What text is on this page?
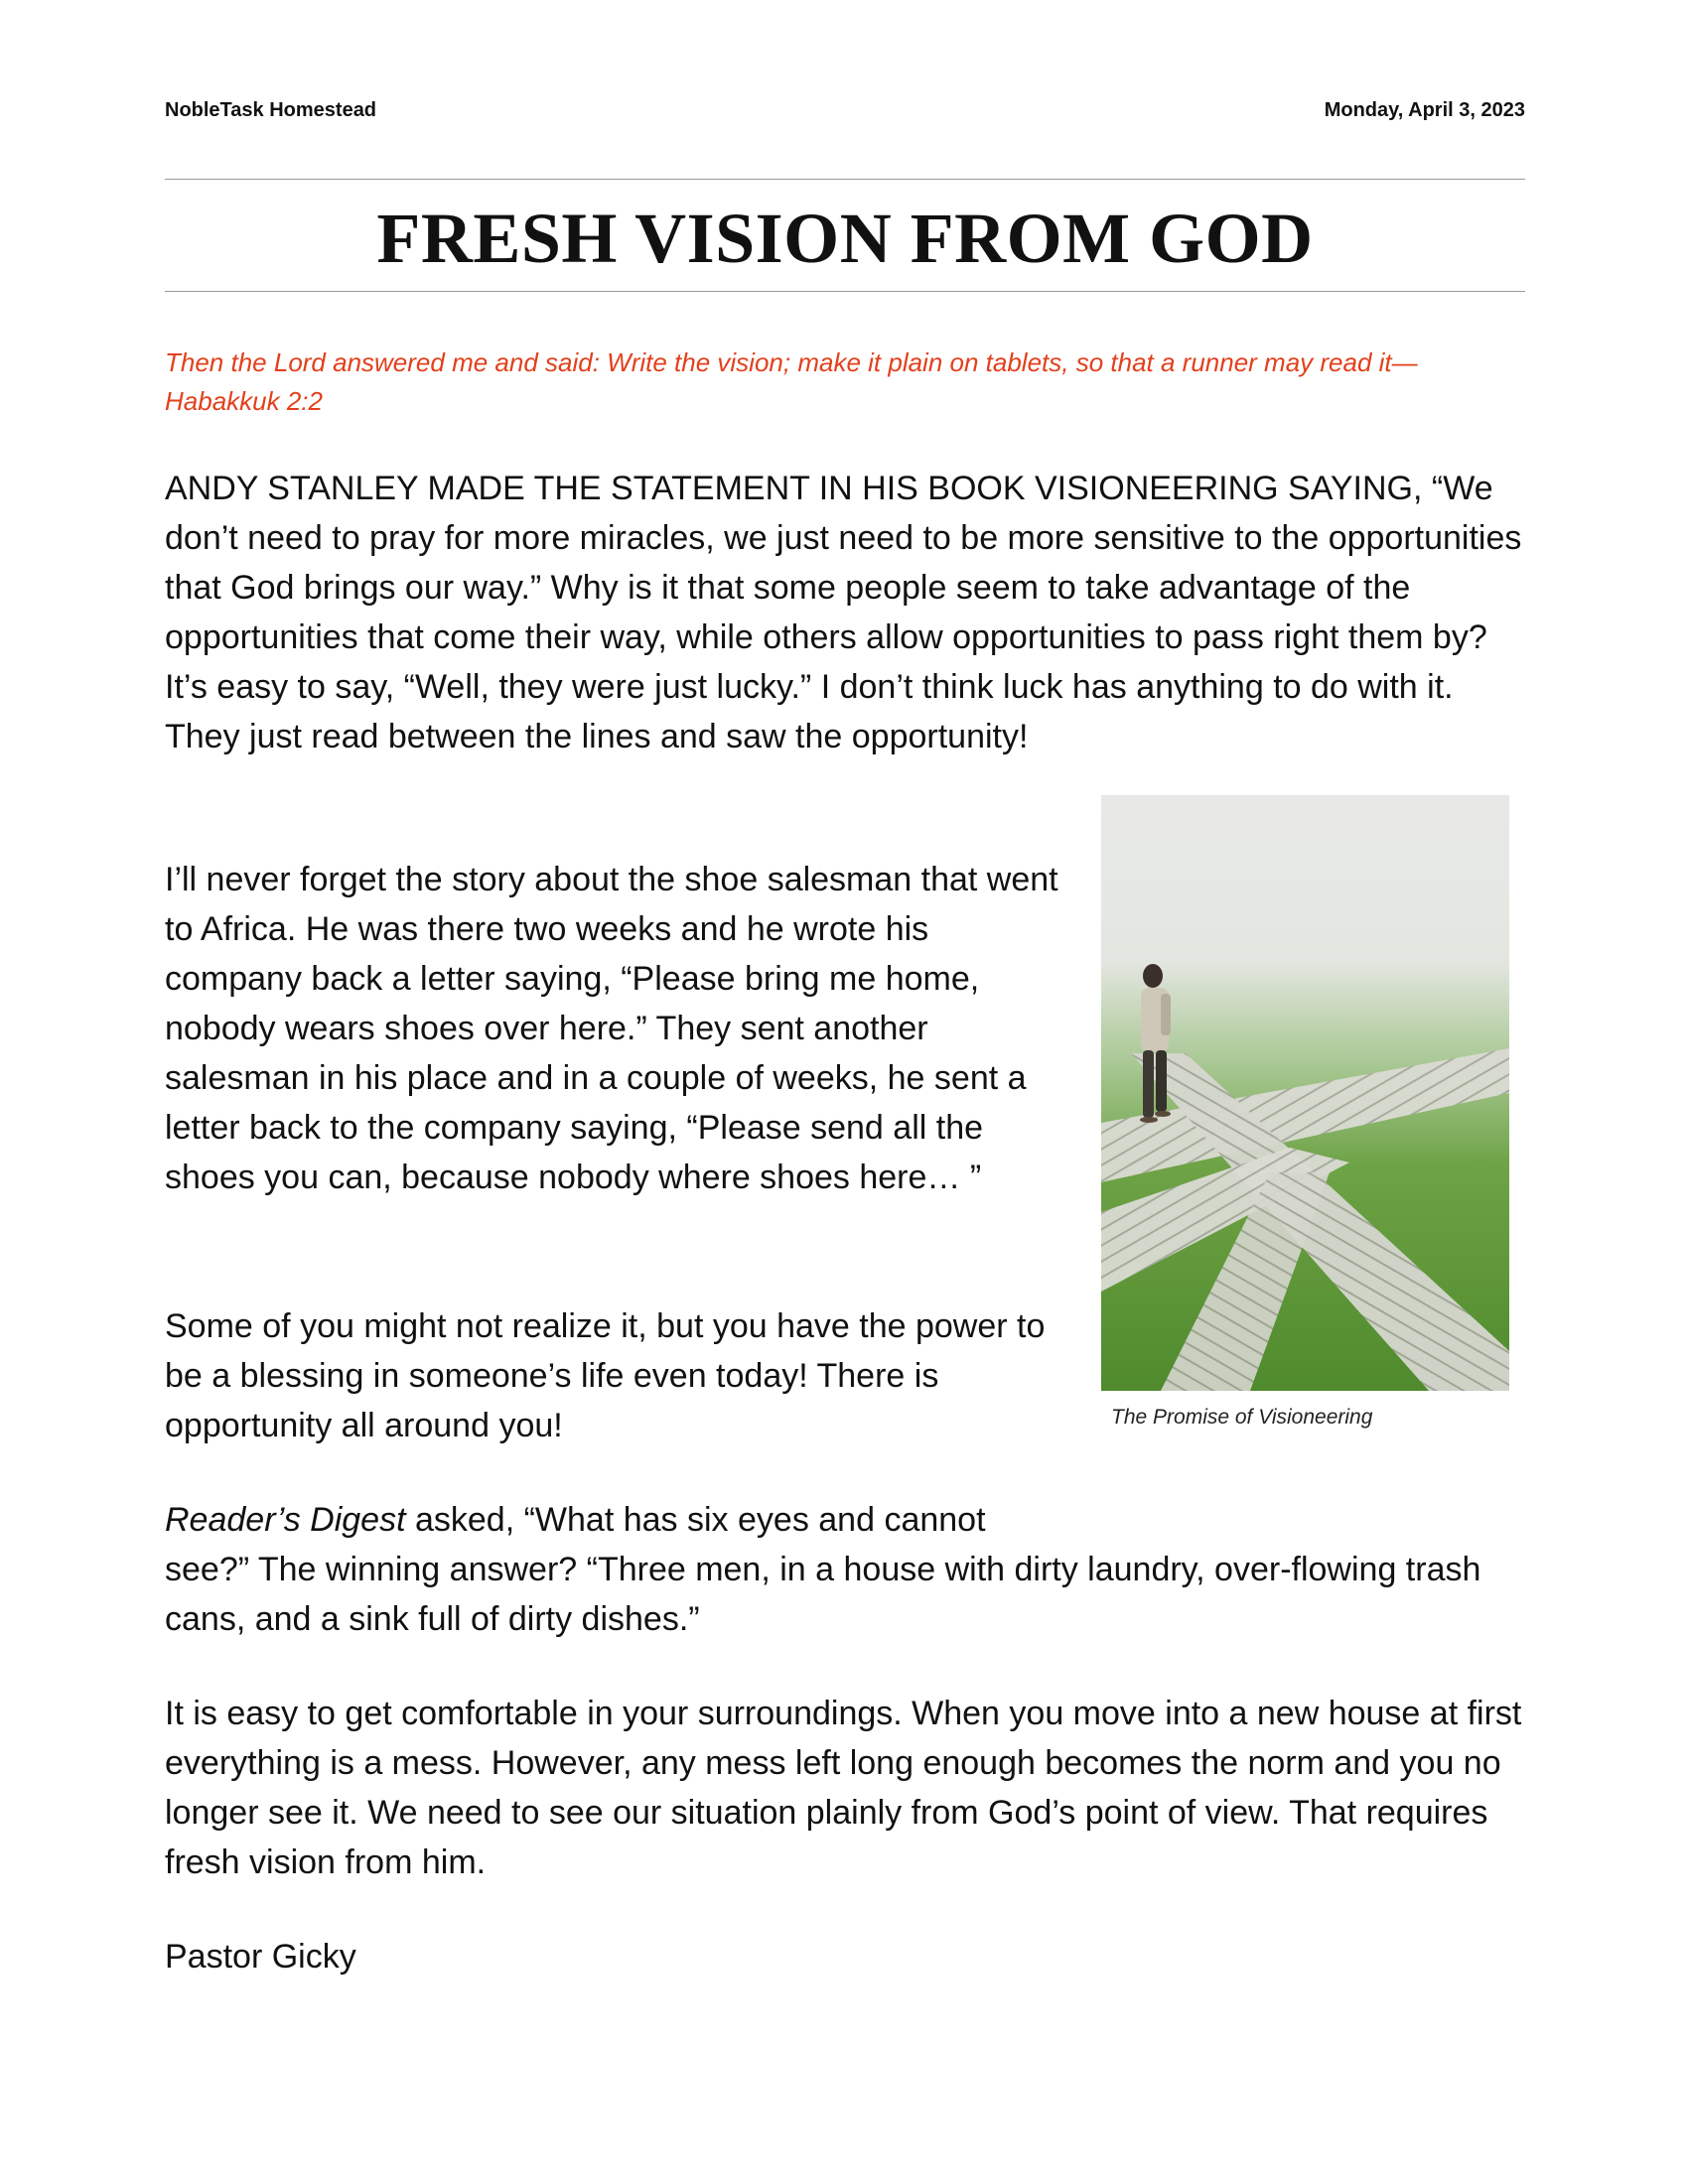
NobleTask Homestead	Monday, April 3, 2023
FRESH VISION FROM GOD
Then the Lord answered me and said: Write the vision; make it plain on tablets, so that a runner may read it—
Habakkuk 2:2

ANDY STANLEY MADE THE STATEMENT IN HIS BOOK VISIONEERING SAYING, “We don’t need to pray for more miracles, we just need to be more sensitive to the opportunities that God brings our way.” Why is it that some people seem to take advantage of the opportunities that come their way, while others allow opportunities to pass right them by? It’s easy to say, “Well, they were just lucky.” I don’t think luck has anything to do with it. They just read between the lines and saw the opportunity!

I’ll never forget the story about the shoe salesman that went to Africa. He was there two weeks and he wrote his company back a letter saying, “Please bring me home, nobody wears shoes over here.” They sent another salesman in his place and in a couple of weeks, he sent a letter back to the company saying, “Please send all the shoes you can, because nobody where shoes here… ”

Some of you might not realize it, but you have the power to be a blessing in someone’s life even today! There is opportunity all around you!

Reader’s Digest asked, “What has six eyes and cannot
see?” The winning answer? “Three men, in a house with dirty laundry, over-flowing trash cans, and a sink full of dirty dishes.”

It is easy to get comfortable in your surroundings. When you move into a new house at first everything is a mess. However, any mess left long enough becomes the norm and you no longer see it. We need to see our situation plainly from God’s point of view. That requires fresh vision from him.

Pastor Gicky
The Promise of Visioneering
